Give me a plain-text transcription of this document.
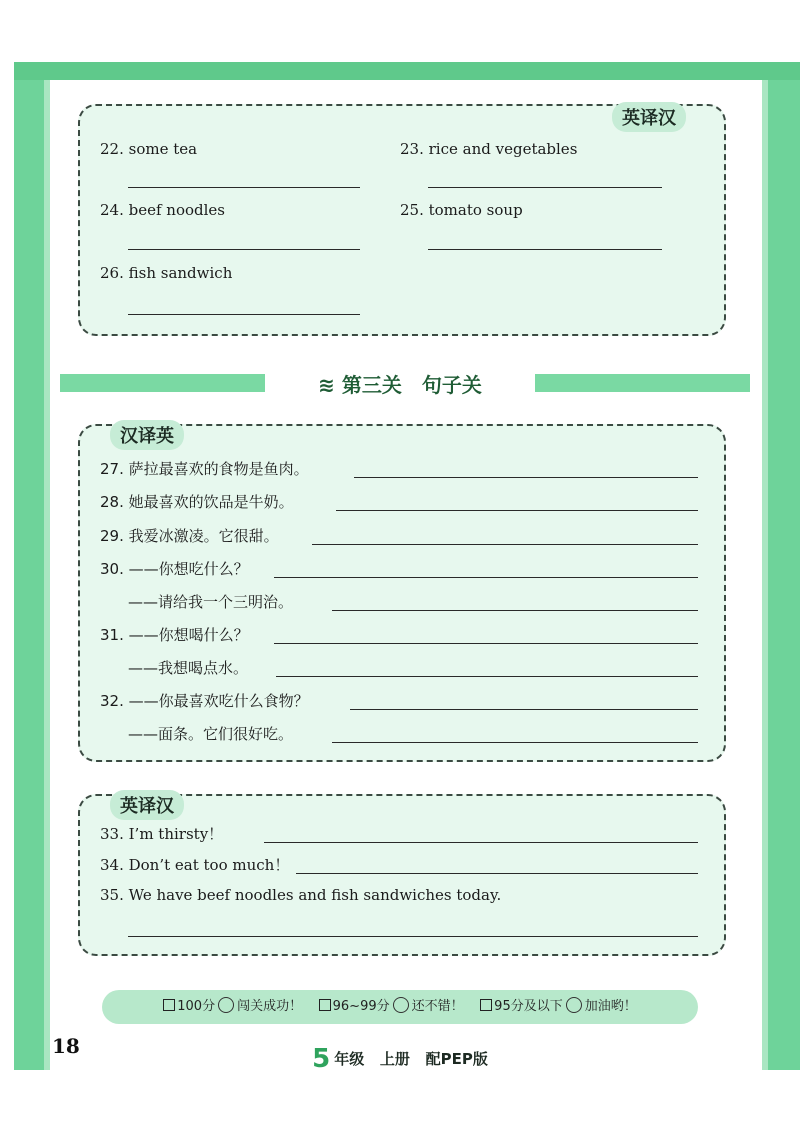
︾
︾
︾
英译汉
22. some tea	23. rice and vegetables
24. beef noodles	25. tomato soup
26. fish sandwich
≋ 第三关　句子关
汉译英
27. 萨拉最喜欢的食物是鱼肉。
28. 她最喜欢的饮品是牛奶。
29. 我爱冰激凌。它很甜。
30. ——你想吃什么？
——请给我一个三明治。
31. ——你想喝什么？
——我想喝点水。
32. ——你最喜欢吃什么食物？
——面条。它们很好吃。
英译汉
33. I’m thirsty！
34. Don’t eat too much！
35. We have beef noodles and fish sandwiches today.
100分 闯关成功！ 96~99分 还不错！ 95分及以下 加油哟！
18	5 年级 上册 配PEP版
